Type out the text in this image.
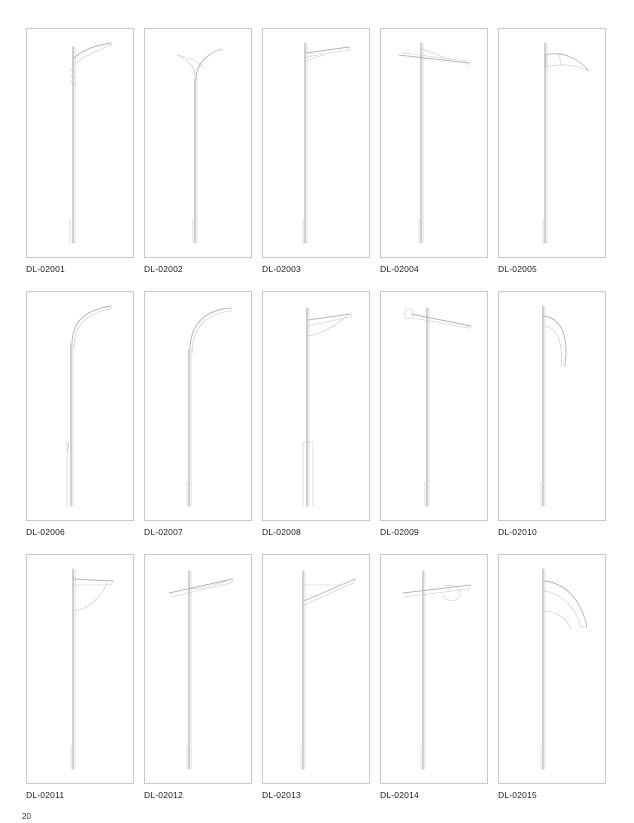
DL-02001	DL-02002	DL-02003	DL-02004	DL-02005
DL-02006	DL-02007	DL-02008	DL-02009	DL-02010
DL-02011	DL-02012	DL-02013	DL-02014	DL-02015
20
